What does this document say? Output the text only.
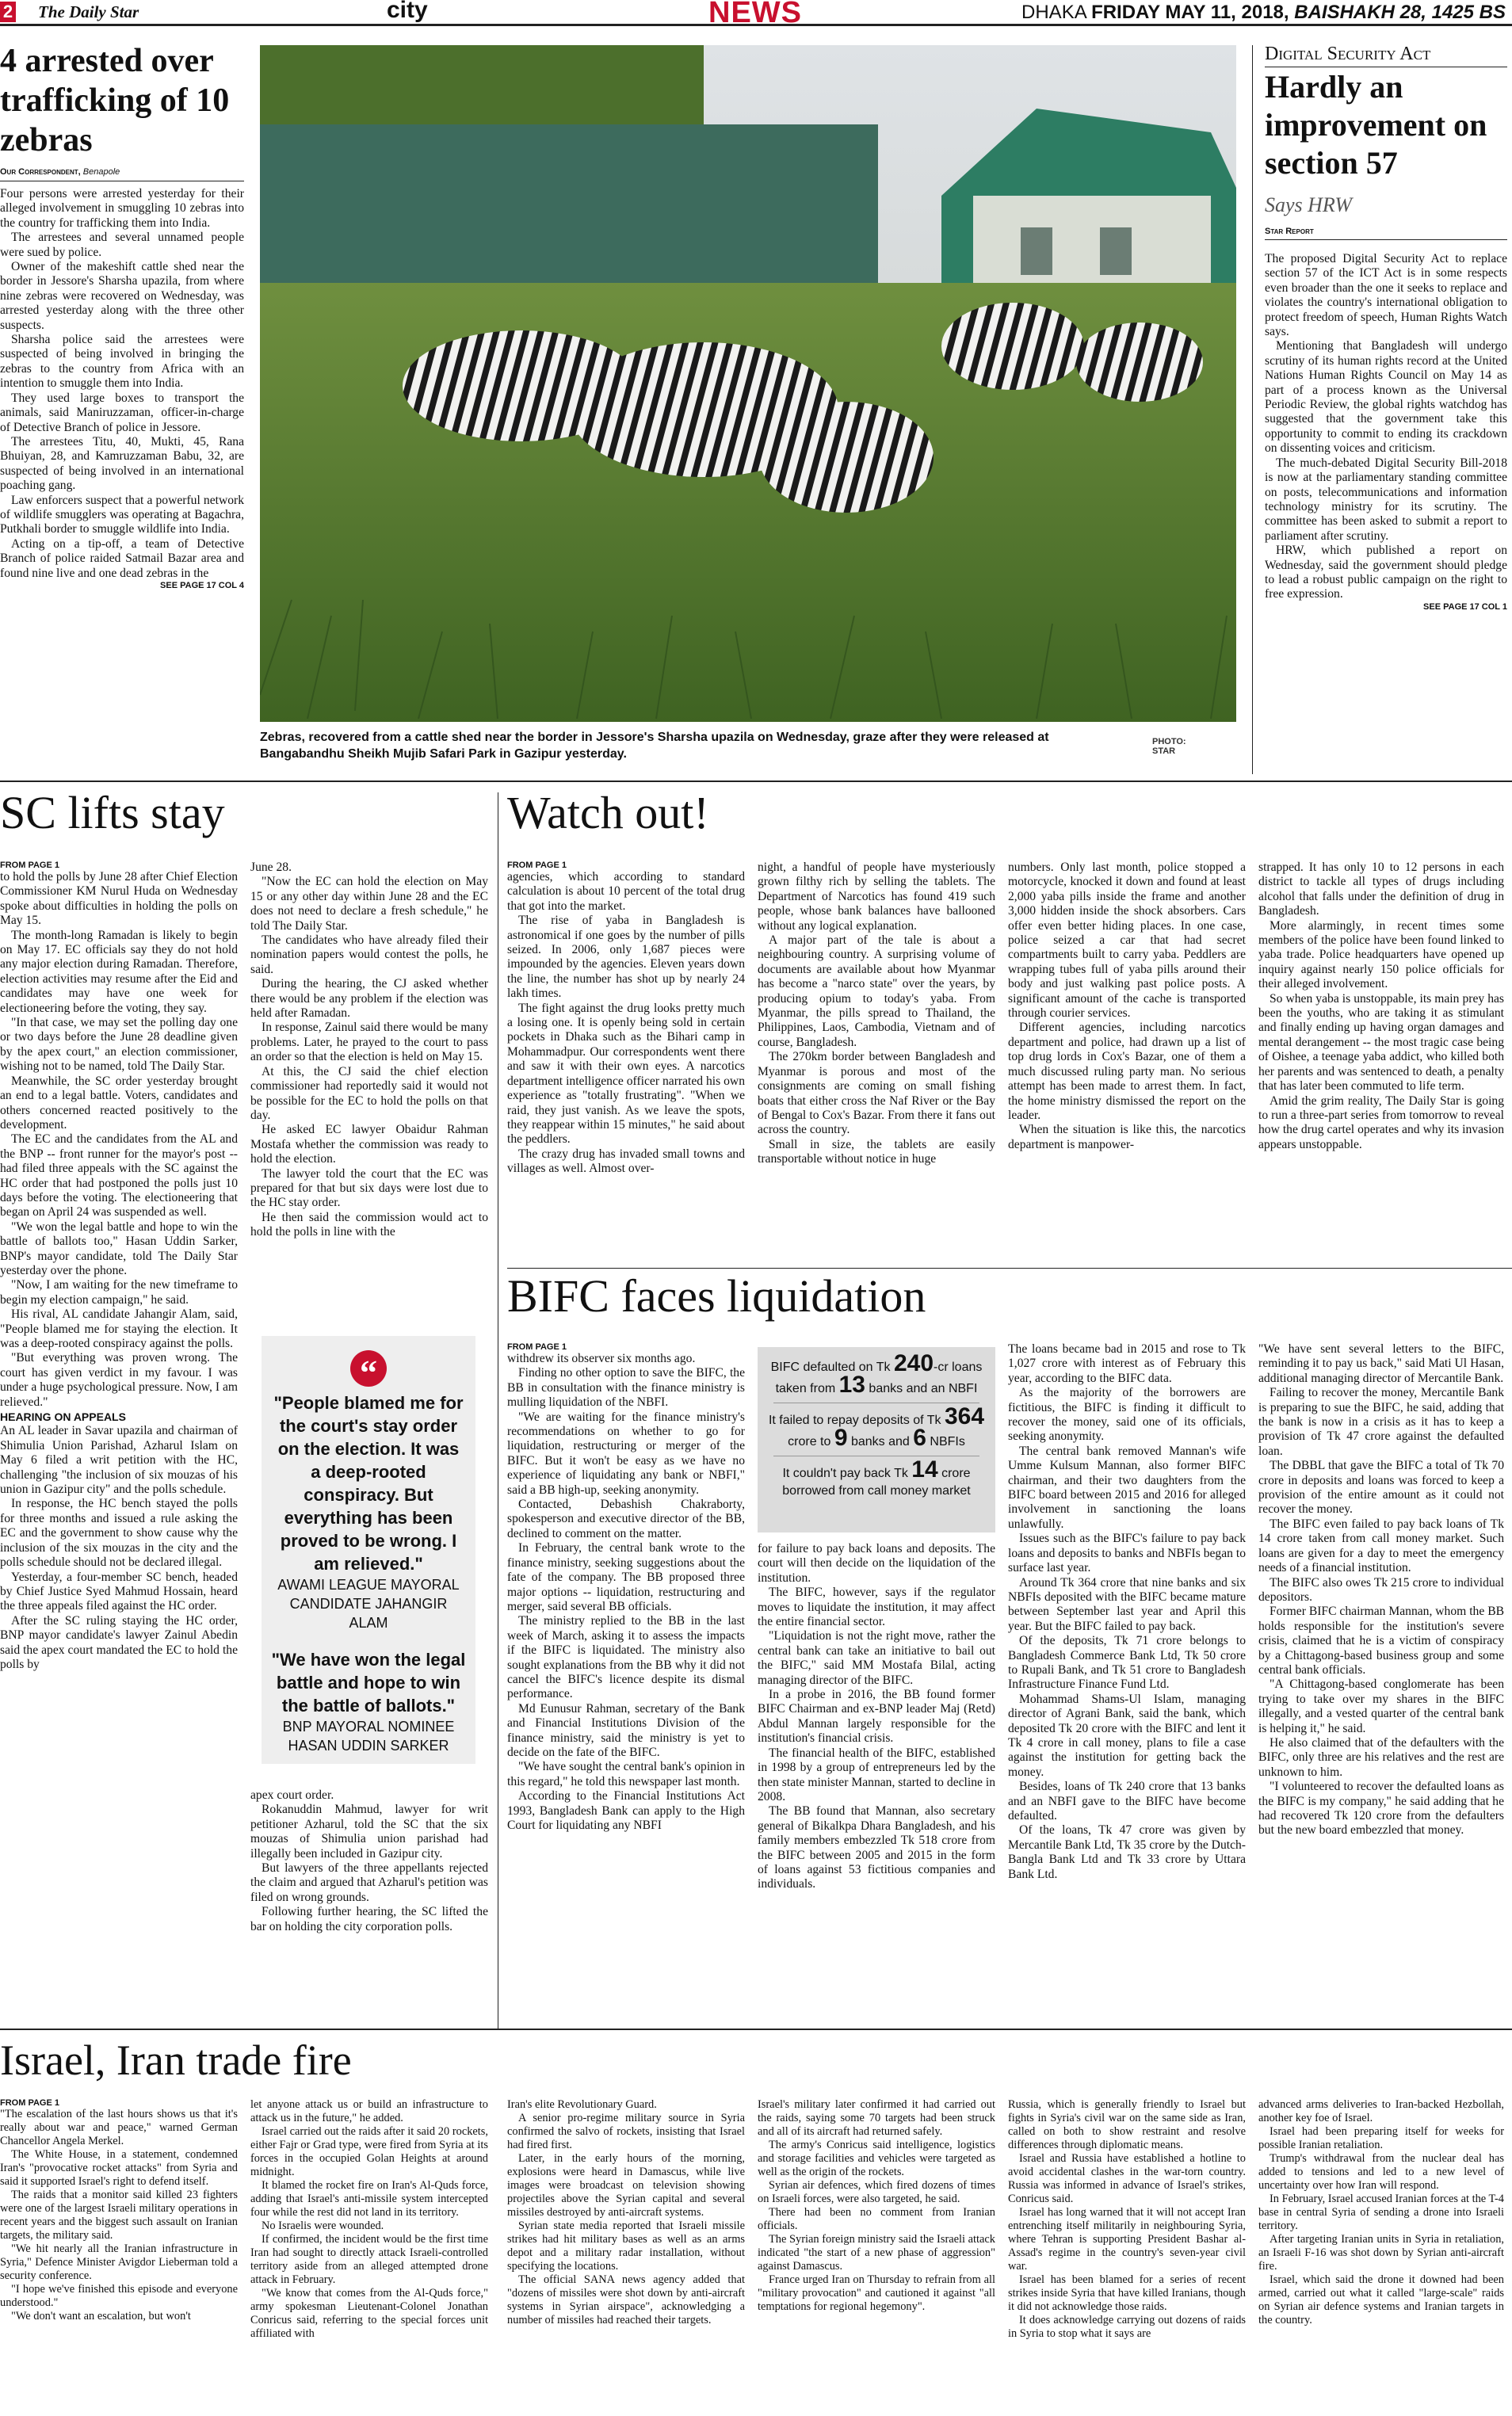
2 The Daily Star	city	NEWS	DHAKA FRIDAY MAY 11, 2018, BAISHAKH 28, 1425 BS
4 arrested over trafficking of 10 zebras
Our Correspondent, Benapole

Four persons were arrested yesterday for their alleged involvement in smuggling 10 zebras into the country for trafficking them into India.

The arrestees and several unnamed people were sued by police.

Owner of the makeshift cattle shed near the border in Jessore's Sharsha upazila, from where nine zebras were recovered on Wednesday, was arrested yesterday along with the three other suspects.

Sharsha police said the arrestees were suspected of being involved in bringing the zebras to the country from Africa with an intention to smuggle them into India.

They used large boxes to transport the animals, said Maniruzzaman, officer-in-charge of Detective Branch of police in Jessore.

The arrestees Titu, 40, Mukti, 45, Rana Bhuiyan, 28, and Kamruzzaman Babu, 32, are suspected of being involved in an international poaching gang.

Law enforcers suspect that a powerful network of wildlife smugglers was operating at Bagachra, Putkhali border to smuggle wildlife into India.

Acting on a tip-off, a team of Detective Branch of police raided Satmail Bazar area and found nine live and one dead zebras in the

SEE PAGE 17 COL 4
Zebras, recovered from a cattle shed near the border in Jessore's Sharsha upazila on Wednesday, graze after they were released at Bangabandhu Sheikh Mujib Safari Park in Gazipur yesterday.
PHOTO:
STAR
Digital Security Act
Hardly an improvement on section 57
Says HRW
Star Report

The proposed Digital Security Act to replace section 57 of the ICT Act is in some respects even broader than the one it seeks to replace and violates the country's international obligation to protect freedom of speech, Human Rights Watch says.

Mentioning that Bangladesh will undergo scrutiny of its human rights record at the United Nations Human Rights Council on May 14 as part of a process known as the Universal Periodic Review, the global rights watchdog has suggested that the government take this opportunity to commit to ending its crackdown on dissenting voices and criticism.

The much-debated Digital Security Bill-2018 is now at the parliamentary standing committee on posts, telecommunications and information technology ministry for its scrutiny. The committee has been asked to submit a report to parliament after scrutiny.

HRW, which published a report on Wednesday, said the government should pledge to lead a robust public campaign on the right to free expression.

SEE PAGE 17 COL 1
SC lifts stay

FROM PAGE 1

to hold the polls by June 28 after Chief Election Commissioner KM Nurul Huda on Wednesday spoke about difficulties in holding the polls on May 15.

The month-long Ramadan is likely to begin on May 17. EC officials say they do not hold any major election during Ramadan. Therefore, election activities may resume after the Eid and candidates may have one week for electioneering before the voting, they say.

"In that case, we may set the polling day one or two days before the June 28 deadline given by the apex court," an election commissioner, wishing not to be named, told The Daily Star.

Meanwhile, the SC order yesterday brought an end to a legal battle. Voters, candidates and others concerned reacted positively to the development.

The EC and the candidates from the AL and the BNP -- front runner for the mayor's post -- had filed three appeals with the SC against the HC order that had postponed the polls just 10 days before the voting. The electioneering that began on April 24 was suspended as well.

"We won the legal battle and hope to win the battle of ballots too," Hasan Uddin Sarker, BNP's mayor candidate, told The Daily Star yesterday over the phone.

"Now, I am waiting for the new timeframe to begin my election campaign," he said.

His rival, AL candidate Jahangir Alam, said, "People blamed me for staying the election. It was a deep-rooted conspiracy against the polls.

"But everything was proven wrong. The court has given verdict in my favour. I was under a huge psychological pressure. Now, I am relieved."

HEARING ON APPEALS

An AL leader in Savar upazila and chairman of Shimulia Union Parishad, Azharul Islam on May 6 filed a writ petition with the HC, challenging "the inclusion of six mouzas of his union in Gazipur city" and the polls schedule.

In response, the HC bench stayed the polls for three months and issued a rule asking the EC and the government to show cause why the inclusion of the six mouzas in the city and the polls schedule should not be declared illegal.

Yesterday, a four-member SC bench, headed by Chief Justice Syed Mahmud Hossain, heard the three appeals filed against the HC order.

After the SC ruling staying the HC order, BNP mayor candidate's lawyer Zainul Abedin said the apex court mandated the EC to hold the polls by

June 28.

"Now the EC can hold the election on May 15 or any other day within June 28 and the EC does not need to declare a fresh schedule," he told The Daily Star.

The candidates who have already filed their nomination papers would contest the polls, he said.

During the hearing, the CJ asked whether there would be any problem if the election was held after Ramadan.

In response, Zainul said there would be many problems. Later, he prayed to the court to pass an order so that the election is held on May 15.

At this, the CJ said the chief election commissioner had reportedly said it would not be possible for the EC to hold the polls on that day.

He asked EC lawyer Obaidur Rahman Mostafa whether the commission was ready to hold the election.

The lawyer told the court that the EC was prepared for that but six days were lost due to the HC stay order.

He then said the commission would act to hold the polls in line with the

“
"People blamed me for the court's stay order on the election. It was a deep-rooted conspiracy. But everything has been proved to be wrong. I am relieved."
AWAMI LEAGUE MAYORAL CANDIDATE JAHANGIR ALAM
"We have won the legal battle and hope to win the battle of ballots."
BNP MAYORAL NOMINEE HASAN UDDIN SARKER

apex court order.

Rokanuddin Mahmud, lawyer for writ petitioner Azharul, told the SC that the six mouzas of Shimulia union parishad had illegally been included in Gazipur city.

But lawyers of the three appellants rejected the claim and argued that Azharul's petition was filed on wrong grounds.

Following further hearing, the SC lifted the bar on holding the city corporation polls.

Watch out!

FROM PAGE 1

agencies, which according to standard calculation is about 10 percent of the total drug that got into the market.

The rise of yaba in Bangladesh is astronomical if one goes by the number of pills seized. In 2006, only 1,687 pieces were impounded by the agencies. Eleven years down the line, the number has shot up by nearly 24 lakh times.

The fight against the drug looks pretty much a losing one. It is openly being sold in certain pockets in Dhaka such as the Bihari camp in Mohammadpur. Our correspondents went there and saw it with their own eyes. A narcotics department intelligence officer narrated his own experience as "totally frustrating". "When we raid, they just vanish. As we leave the spots, they reappear within 15 minutes," he said about the peddlers.

The crazy drug has invaded small towns and villages as well. Almost over-

night, a handful of people have mysteriously grown filthy rich by selling the tablets. The Department of Narcotics has found 419 such people, whose bank balances have ballooned without any logical explanation.

A major part of the tale is about a neighbouring country. A surprising volume of documents are available about how Myanmar has become a "narco state" over the years, by producing opium to today's yaba. From Myanmar, the pills spread to Thailand, the Philippines, Laos, Cambodia, Vietnam and of course, Bangladesh.

The 270km border between Bangladesh and Myanmar is porous and most of the consignments are coming on small fishing boats that either cross the Naf River or the Bay of Bengal to Cox's Bazar. From there it fans out across the country.

Small in size, the tablets are easily transportable without notice in huge

numbers. Only last month, police stopped a motorcycle, knocked it down and found at least 2,000 yaba pills inside the frame and another 3,000 hidden inside the shock absorbers. Cars offer even better hiding places. In one case, police seized a car that had secret compartments built to carry yaba. Peddlers are wrapping tubes full of yaba pills around their body and just walking past police posts. A significant amount of the cache is transported through courier services.

Different agencies, including narcotics department and police, had drawn up a list of top drug lords in Cox's Bazar, one of them a much discussed ruling party man. No serious attempt has been made to arrest them. In fact, the home ministry dismissed the report on the leader.

When the situation is like this, the narcotics department is manpower-

strapped. It has only 10 to 12 persons in each district to tackle all types of drugs including alcohol that falls under the definition of drug in Bangladesh.

More alarmingly, in recent times some members of the police have been found linked to yaba trade. Police headquarters have opened up inquiry against nearly 150 police officials for their alleged involvement.

So when yaba is unstoppable, its main prey has been the youths, who are taking it as stimulant and finally ending up having organ damages and mental derangement -- the most tragic case being of Oishee, a teenage yaba addict, who killed both her parents and was sentenced to death, a penalty that has later been commuted to life term.

Amid the grim reality, The Daily Star is going to run a three-part series from tomorrow to reveal how the drug cartel operates and why its invasion appears unstoppable.

BIFC faces liquidation

FROM PAGE 1

withdrew its observer six months ago.

Finding no other option to save the BIFC, the BB in consultation with the finance ministry is mulling liquidation of the NBFI.

"We are waiting for the finance ministry's recommendations on whether to go for liquidation, restructuring or merger of the BIFC. But it won't be easy as we have no experience of liquidating any bank or NBFI," said a BB high-up, seeking anonymity.

Contacted, Debashish Chakraborty, spokesperson and executive director of the BB, declined to comment on the matter.

In February, the central bank wrote to the finance ministry, seeking suggestions about the fate of the company. The BB proposed three major options -- liquidation, restructuring and merger, said several BB officials.

The ministry replied to the BB in the last week of March, asking it to assess the impacts if the BIFC is liquidated. The ministry also sought explanations from the BB why it did not cancel the BIFC's licence despite its dismal performance.

Md Eunusur Rahman, secretary of the Bank and Financial Institutions Division of the finance ministry, said the ministry is yet to decide on the fate of the BIFC.

"We have sought the central bank's opinion in this regard," he told this newspaper last month.

According to the Financial Institutions Act 1993, Bangladesh Bank can apply to the High Court for liquidating any NBFI

BIFC defaulted on Tk 240-cr loans taken from 13 banks and an NBFI
It failed to repay deposits of Tk 364 crore to 9 banks and 6 NBFIs
It couldn't pay back Tk 14 crore borrowed from call money market

for failure to pay back loans and deposits. The court will then decide on the liquidation of the institution.

The BIFC, however, says if the regulator moves to liquidate the institution, it may affect the entire financial sector.

"Liquidation is not the right move, rather the central bank can take an initiative to bail out the BIFC," said MM Mostafa Bilal, acting managing director of the BIFC.

In a probe in 2016, the BB found former BIFC Chairman and ex-BNP leader Maj (Retd) Abdul Mannan largely responsible for the institution's financial crisis.

The financial health of the BIFC, established in 1998 by a group of entrepreneurs led by the then state minister Mannan, started to decline in 2008.

The BB found that Mannan, also secretary general of Bikalkpa Dhara Bangladesh, and his family members embezzled Tk 518 crore from the BIFC between 2005 and 2015 in the form of loans against 53 fictitious companies and individuals.

The loans became bad in 2015 and rose to Tk 1,027 crore with interest as of February this year, according to the BIFC data.

As the majority of the borrowers are fictitious, the BIFC is finding it difficult to recover the money, said one of its officials, seeking anonymity.

The central bank removed Mannan's wife Umme Kulsum Mannan, also former BIFC chairman, and their two daughters from the BIFC board between 2015 and 2016 for alleged involvement in sanctioning the loans unlawfully.

Issues such as the BIFC's failure to pay back loans and deposits to banks and NBFIs began to surface last year.

Around Tk 364 crore that nine banks and six NBFIs deposited with the BIFC became mature between September last year and April this year. But the BIFC failed to pay back.

Of the deposits, Tk 71 crore belongs to Bangladesh Commerce Bank Ltd, Tk 50 crore to Rupali Bank, and Tk 51 crore to Bangladesh Infrastructure Finance Fund Ltd.

Mohammad Shams-Ul Islam, managing director of Agrani Bank, said the bank, which deposited Tk 20 crore with the BIFC and lent it Tk 4 crore in call money, plans to file a case against the institution for getting back the money.

Besides, loans of Tk 240 crore that 13 banks and an NBFI gave to the BIFC have become defaulted.

Of the loans, Tk 47 crore was given by Mercantile Bank Ltd, Tk 35 crore by the Dutch-Bangla Bank Ltd and Tk 33 crore by Uttara Bank Ltd.

"We have sent several letters to the BIFC, reminding it to pay us back," said Mati Ul Hasan, additional managing director of Mercantile Bank.

Failing to recover the money, Mercantile Bank is preparing to sue the BIFC, he said, adding that the bank is now in a crisis as it has to keep a provision of Tk 47 crore against the defaulted loan.

The DBBL that gave the BIFC a total of Tk 70 crore in deposits and loans was forced to keep a provision of the entire amount as it could not recover the money.

The BIFC even failed to pay back loans of Tk 14 crore taken from call money market. Such loans are given for a day to meet the emergency needs of a financial institution.

The BIFC also owes Tk 215 crore to individual depositors.

Former BIFC chairman Mannan, whom the BB holds responsible for the institution's severe crisis, claimed that he is a victim of conspiracy by a Chittagong-based business group and some central bank officials.

"A Chittagong-based conglomerate has been trying to take over my shares in the BIFC illegally, and a vested quarter of the central bank is helping it," he said.

He also claimed that of the defaulters with the BIFC, only three are his relatives and the rest are unknown to him.

"I volunteered to recover the defaulted loans as the BIFC is my company," he said adding that he had recovered Tk 120 crore from the defaulters but the new board embezzled that money.

Israel, Iran trade fire

FROM PAGE 1

"The escalation of the last hours shows us that it's really about war and peace," warned German Chancellor Angela Merkel.

The White House, in a statement, condemned Iran's "provocative rocket attacks" from Syria and said it supported Israel's right to defend itself.

The raids that a monitor said killed 23 fighters were one of the largest Israeli military operations in recent years and the biggest such assault on Iranian targets, the military said.

"We hit nearly all the Iranian infrastructure in Syria," Defence Minister Avigdor Lieberman told a security conference.

"I hope we've finished this episode and everyone understood."

"We don't want an escalation, but won't

let anyone attack us or build an infrastructure to attack us in the future," he added.

Israel carried out the raids after it said 20 rockets, either Fajr or Grad type, were fired from Syria at its forces in the occupied Golan Heights at around midnight.

It blamed the rocket fire on Iran's Al-Quds force, adding that Israel's anti-missile system intercepted four while the rest did not land in its territory.

No Israelis were wounded.

If confirmed, the incident would be the first time Iran had sought to directly attack Israeli-controlled territory aside from an alleged attempted drone attack in February.

"We know that comes from the Al-Quds force," army spokesman Lieutenant-Colonel Jonathan Conricus said, referring to the special forces unit affiliated with

Iran's elite Revolutionary Guard.

A senior pro-regime military source in Syria confirmed the salvo of rockets, insisting that Israel had fired first.

Later, in the early hours of the morning, explosions were heard in Damascus, while live images were broadcast on television showing projectiles above the Syrian capital and several missiles destroyed by anti-aircraft systems.

Syrian state media reported that Israeli missile strikes had hit military bases as well as an arms depot and a military radar installation, without specifying the locations.

The official SANA news agency added that "dozens of missiles were shot down by anti-aircraft systems in Syrian airspace", acknowledging a number of missiles had reached their targets.

Israel's military later confirmed it had carried out the raids, saying some 70 targets had been struck and all of its aircraft had returned safely.

The army's Conricus said intelligence, logistics and storage facilities and vehicles were targeted as well as the origin of the rockets.

Syrian air defences, which fired dozens of times on Israeli forces, were also targeted, he said.

There had been no comment from Iranian officials.

The Syrian foreign ministry said the Israeli attack indicated "the start of a new phase of aggression" against Damascus.

France urged Iran on Thursday to refrain from all "military provocation" and cautioned it against "all temptations for regional hegemony".

Russia, which is generally friendly to Israel but fights in Syria's civil war on the same side as Iran, called on both to show restraint and resolve differences through diplomatic means.

Israel and Russia have established a hotline to avoid accidental clashes in the war-torn country. Russia was informed in advance of Israel's strikes, Conricus said.

Israel has long warned that it will not accept Iran entrenching itself militarily in neighbouring Syria, where Tehran is supporting President Bashar al-Assad's regime in the country's seven-year civil war.

Israel has been blamed for a series of recent strikes inside Syria that have killed Iranians, though it did not acknowledge those raids.

It does acknowledge carrying out dozens of raids in Syria to stop what it says are

advanced arms deliveries to Iran-backed Hezbollah, another key foe of Israel.

Israel had been preparing itself for weeks for possible Iranian retaliation.

Trump's withdrawal from the nuclear deal has added to tensions and led to a new level of uncertainty over how Iran will respond.

In February, Israel accused Iranian forces at the T-4 base in central Syria of sending a drone into Israeli territory.

After targeting Iranian units in Syria in retaliation, an Israeli F-16 was shot down by Syrian anti-aircraft fire.

Israel, which said the drone it downed had been armed, carried out what it called "large-scale" raids on Syrian air defence systems and Iranian targets in the country.
